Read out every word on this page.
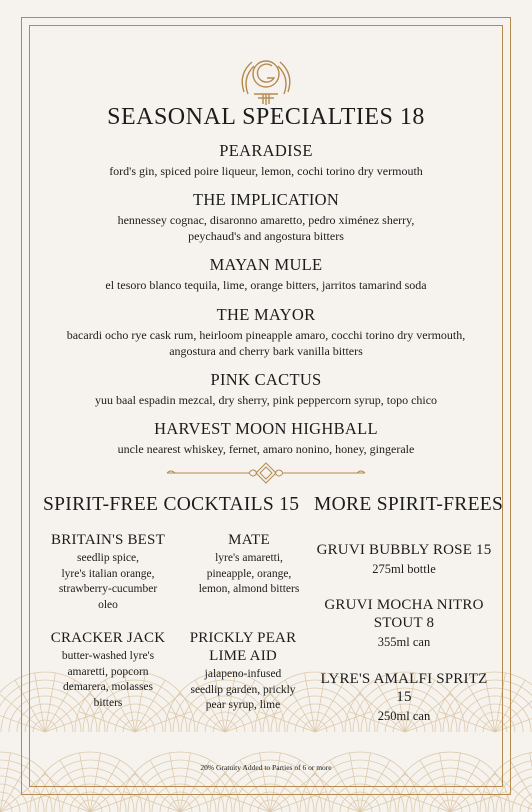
SEASONAL SPECIALTIES 18
PEARADISE
ford's gin, spiced poire liqueur, lemon, cochi torino dry vermouth
THE IMPLICATION
hennessey cognac, disaronno amaretto, pedro ximénez sherry,
peychaud's and angostura bitters
MAYAN MULE
el tesoro blanco tequila, lime, orange bitters, jarritos tamarind soda
THE MAYOR
bacardi ocho rye cask rum, heirloom pineapple amaro, cocchi torino dry vermouth,
angostura and cherry bark vanilla bitters
PINK CACTUS
yuu baal espadin mezcal, dry sherry, pink peppercorn syrup, topo chico
HARVEST MOON HIGHBALL
uncle nearest whiskey, fernet, amaro nonino, honey, gingerale
SPIRIT-FREE COCKTAILS 15 MORE SPIRIT-FREES
BRITAIN'S BEST
seedlip spice,
lyre's italian orange,
strawberry-cucumber
oleo
MATE
lyre's amaretti,
pineapple, orange,
lemon, almond bitters
CRACKER JACK
butter-washed lyre's
amaretti, popcorn
demarera, molasses
bitters
PRICKLY PEAR
LIME AID
jalapeno-infused
seedlip garden, prickly
pear syrup, lime
GRUVI BUBBLY ROSE 15
275ml bottle
GRUVI MOCHA NITRO
STOUT 8
355ml can
LYRE'S AMALFI SPRITZ 15
250ml can
20% Gratuity Added to Parties of 6 or more
